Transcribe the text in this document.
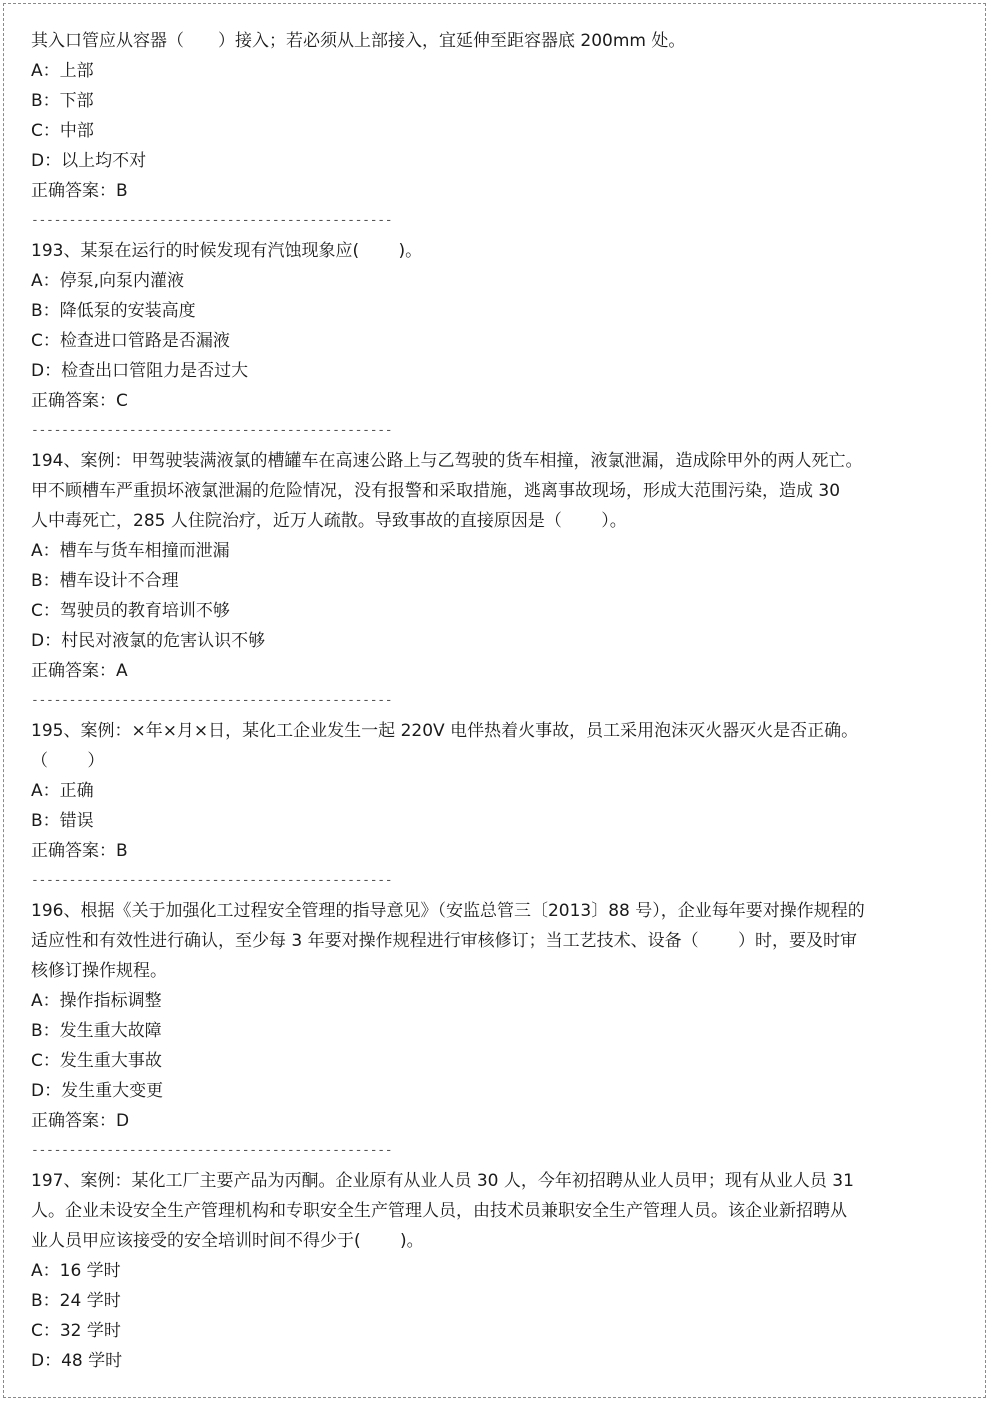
其入口管应从容器（　　）接入；若必须从上部接入，宜延伸至距容器底 200mm 处。
A：上部
B：下部
C：中部
D：以上均不对
正确答案：B
------------------------------------------------
193、某泵在运行的时候发现有汽蚀现象应(　　 )。
A：停泵,向泵内灌液
B：降低泵的安装高度
C：检查进口管路是否漏液
D：检查出口管阻力是否过大
正确答案：C
------------------------------------------------
194、案例：甲驾驶装满液氯的槽罐车在高速公路上与乙驾驶的货车相撞，液氯泄漏，造成除甲外的两人死亡。
甲不顾槽车严重损坏液氯泄漏的危险情况，没有报警和采取措施，逃离事故现场，形成大范围污染，造成 30
人中毒死亡，285 人住院治疗，近万人疏散。导致事故的直接原因是（　　 ）。
A：槽车与货车相撞而泄漏
B：槽车设计不合理
C：驾驶员的教育培训不够
D：村民对液氯的危害认识不够
正确答案：A
------------------------------------------------
195、案例：×年×月×日，某化工企业发生一起 220V 电伴热着火事故，员工采用泡沫灭火器灭火是否正确。
（　　 ）
A：正确
B：错误
正确答案：B
------------------------------------------------
196、根据《关于加强化工过程安全管理的指导意见》（安监总管三〔2013〕88 号），企业每年要对操作规程的
适应性和有效性进行确认，至少每 3 年要对操作规程进行审核修订；当工艺技术、设备（　　 ）时，要及时审
核修订操作规程。
A：操作指标调整
B：发生重大故障
C：发生重大事故
D：发生重大变更
正确答案：D
------------------------------------------------
197、案例：某化工厂主要产品为丙酮。企业原有从业人员 30 人，今年初招聘从业人员甲；现有从业人员 31
人。企业未设安全生产管理机构和专职安全生产管理人员，由技术员兼职安全生产管理人员。该企业新招聘从
业人员甲应该接受的安全培训时间不得少于(　　 )。
A：16 学时
B：24 学时
C：32 学时
D：48 学时
